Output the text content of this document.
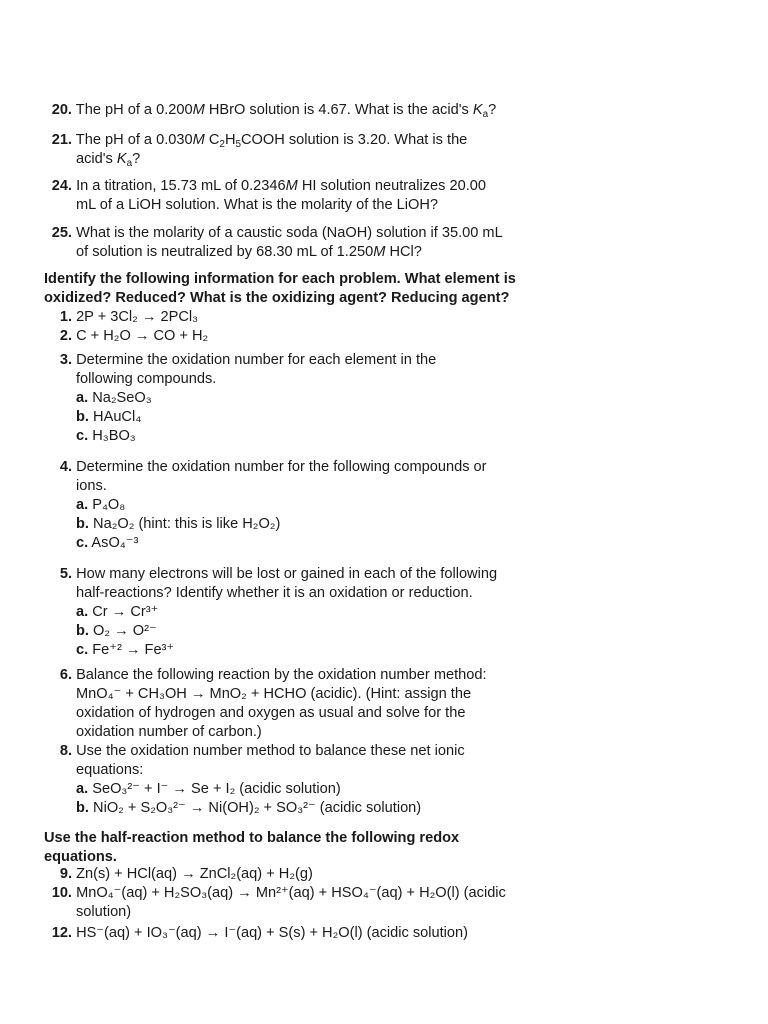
20. The pH of a 0.200M HBrO solution is 4.67. What is the acid's $K_a$?
21. The pH of a 0.030M $C_2H_5COOH$ solution is 3.20. What is the
acid's $K_a$?
24. In a titration, 15.73 mL of 0.2346M HI solution neutralizes 20.00
mL of a LiOH solution. What is the molarity of the LiOH?
25. What is the molarity of a caustic soda (NaOH) solution if 35.00 mL
of solution is neutralized by 68.30 mL of 1.250M HCl?
Identify the following information for each problem. What element is
oxidized? Reduced? What is the oxidizing agent? Reducing agent?
1. 2P + 3Cl₂ → 2PCl₃
2. C + H₂O → CO + H₂
3. Determine the oxidation number for each element in the
following compounds.
a. Na₂SeO₃
b. HAuCl₄
c. H₃BO₃
4. Determine the oxidation number for the following compounds or
ions.
a. P₄O₈
b. Na₂O₂ (hint: this is like H₂O₂)
c. AsO₄⁻³
5. How many electrons will be lost or gained in each of the following
half-reactions? Identify whether it is an oxidation or reduction.
a. Cr → Cr³⁺
b. O₂ → O²⁻
c. Fe⁺² → Fe³⁺
6. Balance the following reaction by the oxidation number method:
MnO₄⁻ + CH₃OH → MnO₂ + HCHO (acidic). (Hint: assign the
oxidation of hydrogen and oxygen as usual and solve for the
oxidation number of carbon.)
8. Use the oxidation number method to balance these net ionic
equations:
a. SeO₃²⁻ + I⁻ → Se + I₂ (acidic solution)
b. NiO₂ + S₂O₃²⁻ → Ni(OH)₂ + SO₃²⁻ (acidic solution)
Use the half-reaction method to balance the following redox
equations.
9. Zn(s) + HCl(aq) → ZnCl₂(aq) + H₂(g)
10. MnO₄⁻(aq) + H₂SO₃(aq) → Mn²⁺(aq) + HSO₄⁻(aq) + H₂O(l) (acidic
solution)
12. HS⁻(aq) + IO₃⁻(aq) → I⁻(aq) + S(s) + H₂O(l) (acidic solution)
